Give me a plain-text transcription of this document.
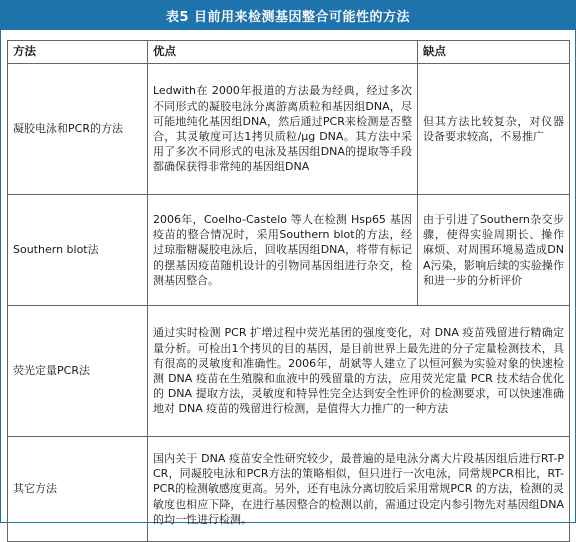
表5 目前用来检测基因整合可能性的方法
方法	优点	缺点
凝胶电泳和PCR的方法	Ledwith在 2000年报道的方法最为经典，经过多次不同形式的凝胶电泳分离游离质粒和基因组DNA，尽可能地纯化基因组DNA，然后通过PCR来检测是否整合，其灵敏度可达1拷贝质粒/μg DNA。其方法中采用了多次不同形式的电泳及基因组DNA的提取等手段都确保获得非常纯的基因组DNA	但其方法比较复杂，对仪器设备要求较高，不易推广
Southern blot法	2006年，Coelho-Castelo 等人在检测 Hsp65 基因疫苗的整合情况时，采用Southern blot的方法，经过琼脂糖凝胶电泳后，回收基因组DNA，将带有标记的摆基因疫苗随机设计的引物同基因组进行杂交，检测基因整合。	由于引进了Southern杂交步骤，使得实验周期长、操作麻烦、对周围环境易造成DNA污染，影响后续的实验操作和进一步的分析评价
荧光定量PCR法	通过实时检测 PCR 扩增过程中荧光基团的强度变化，对 DNA 疫苗残留进行精确定量分析。可检出1个拷贝的目的基因，是目前世界上最先进的分子定量检测技术，具有很高的灵敏度和准确性。2006年，胡斌等人建立了以恒河猴为实验对象的快速检测 DNA 疫苗在生殖腺和血液中的残留量的方法，应用荧光定量 PCR 技术结合优化的 DNA 提取方法，灵敏度和特异性完全达到安全性评价的检测要求，可以快速准确地对 DNA 疫苗的残留进行检测，是值得大力推广的一种方法	
其它方法	国内关于 DNA 疫苗安全性研究较少，最普遍的是电泳分离大片段基因组后进行RT-PCR，同凝胶电泳和PCR方法的策略相似，但只进行一次电泳，同常规PCR相比，RT-PCR的检测敏感度更高。另外，还有电泳分离切胶后采用常规PCR 的方法，检测的灵敏度也相应下降，在进行基因整合的检测以前，需通过设定内参引物先对基因组DNA的均一性进行检测。	
